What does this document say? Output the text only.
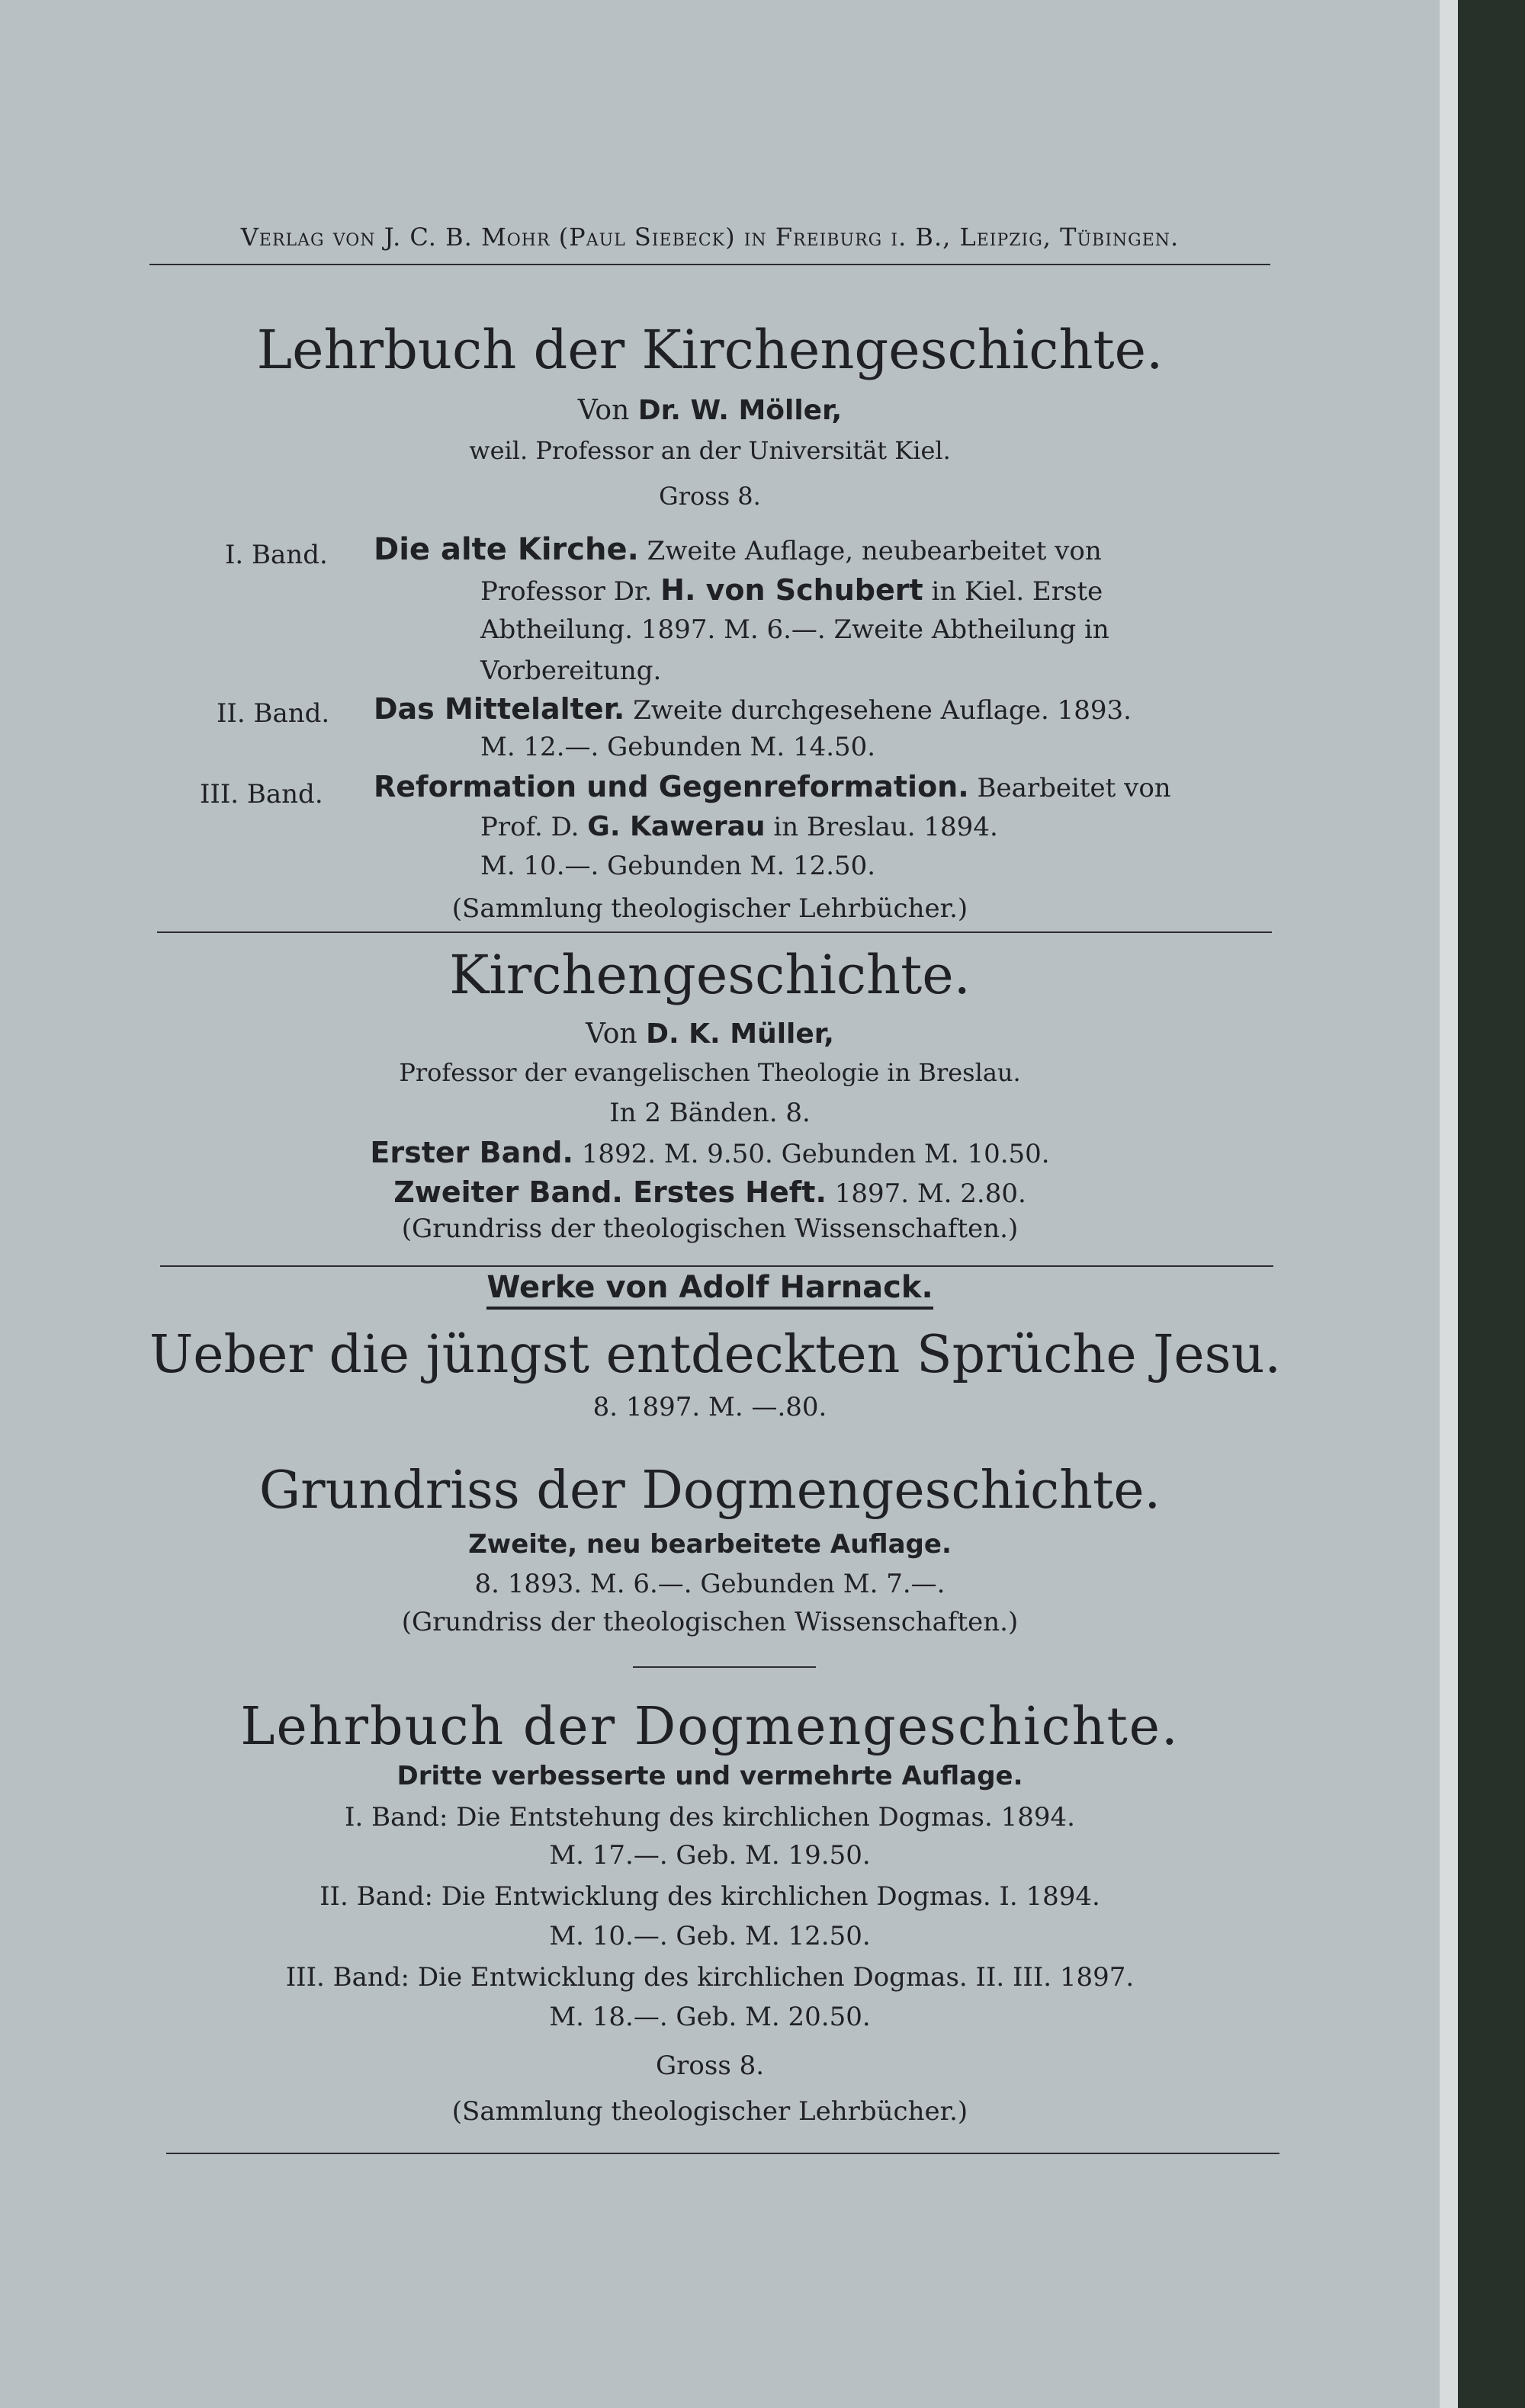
Verlag von J. C. B. Mohr (Paul Siebeck) in Freiburg i. B., Leipzig, Tübingen.
Lehrbuch der Kirchengeschichte.
Von Dr. W. Möller,
weil. Professor an der Universität Kiel.
Gross 8.
I. Band. Die alte Kirche. Zweite Auflage, neubearbeitet von
Professor Dr. H. von Schubert in Kiel. Erste
Abtheilung. 1897. M. 6.—. Zweite Abtheilung in
Vorbereitung.
II. Band. Das Mittelalter. Zweite durchgesehene Auflage. 1893.
M. 12.—. Gebunden M. 14.50.
III. Band. Reformation und Gegenreformation. Bearbeitet von
Prof. D. G. Kawerau in Breslau. 1894.
M. 10.—. Gebunden M. 12.50.
(Sammlung theologischer Lehrbücher.)
Kirchengeschichte.
Von D. K. Müller,
Professor der evangelischen Theologie in Breslau.
In 2 Bänden. 8.
Erster Band. 1892. M. 9.50. Gebunden M. 10.50.
Zweiter Band. Erstes Heft. 1897. M. 2.80.
(Grundriss der theologischen Wissenschaften.)
Werke von Adolf Harnack.
Ueber die jüngst entdeckten Sprüche Jesu.
8. 1897. M. —.80.
Grundriss der Dogmengeschichte.
Zweite, neu bearbeitete Auflage.
8. 1893. M. 6.—. Gebunden M. 7.—.
(Grundriss der theologischen Wissenschaften.)
Lehrbuch der Dogmengeschichte.
Dritte verbesserte und vermehrte Auflage.
I. Band: Die Entstehung des kirchlichen Dogmas. 1894.
M. 17.—. Geb. M. 19.50.
II. Band: Die Entwicklung des kirchlichen Dogmas. I. 1894.
M. 10.—. Geb. M. 12.50.
III. Band: Die Entwicklung des kirchlichen Dogmas. II. III. 1897.
M. 18.—. Geb. M. 20.50.
Gross 8.
(Sammlung theologischer Lehrbücher.)
